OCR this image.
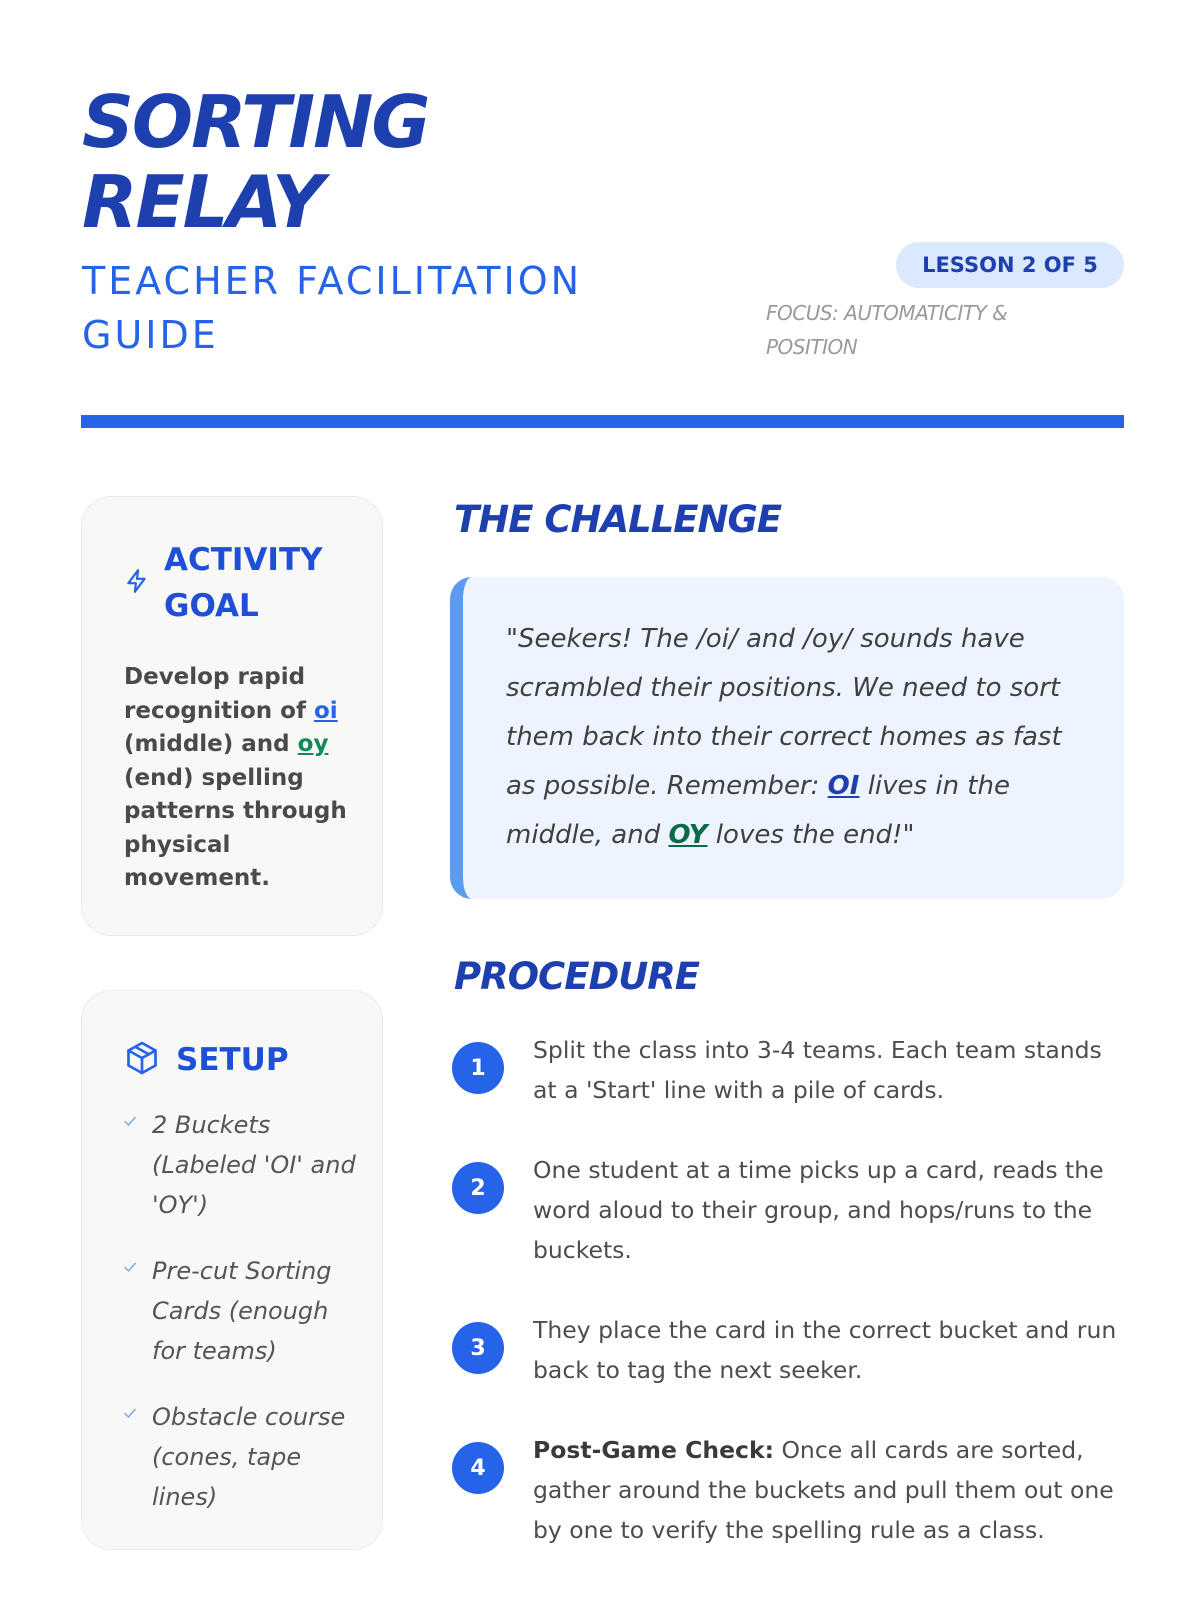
SORTING
RELAY
TEACHER FACILITATION
GUIDE
LESSON 2 OF 5
FOCUS: AUTOMATICITY & POSITION
ACTIVITY
GOAL
Develop rapid recognition of oi (middle) and oy (end) spelling patterns through physical movement.
SETUP
2 Buckets (Labeled 'OI' and 'OY')
Pre-cut Sorting Cards (enough for teams)
Obstacle course (cones, tape lines)
THE CHALLENGE

"Seekers! The /oi/ and /oy/ sounds have scrambled their positions. We need to sort them back into their correct homes as fast as possible. Remember: OI lives in the middle, and OY loves the end!"

PROCEDURE
1
Split the class into 3-4 teams. Each team stands at a 'Start' line with a pile of cards.
2
One student at a time picks up a card, reads the word aloud to their group, and hops/runs to the buckets.
3
They place the card in the correct bucket and run back to tag the next seeker.
4
Post-Game Check: Once all cards are sorted, gather around the buckets and pull them out one by one to verify the spelling rule as a class.
